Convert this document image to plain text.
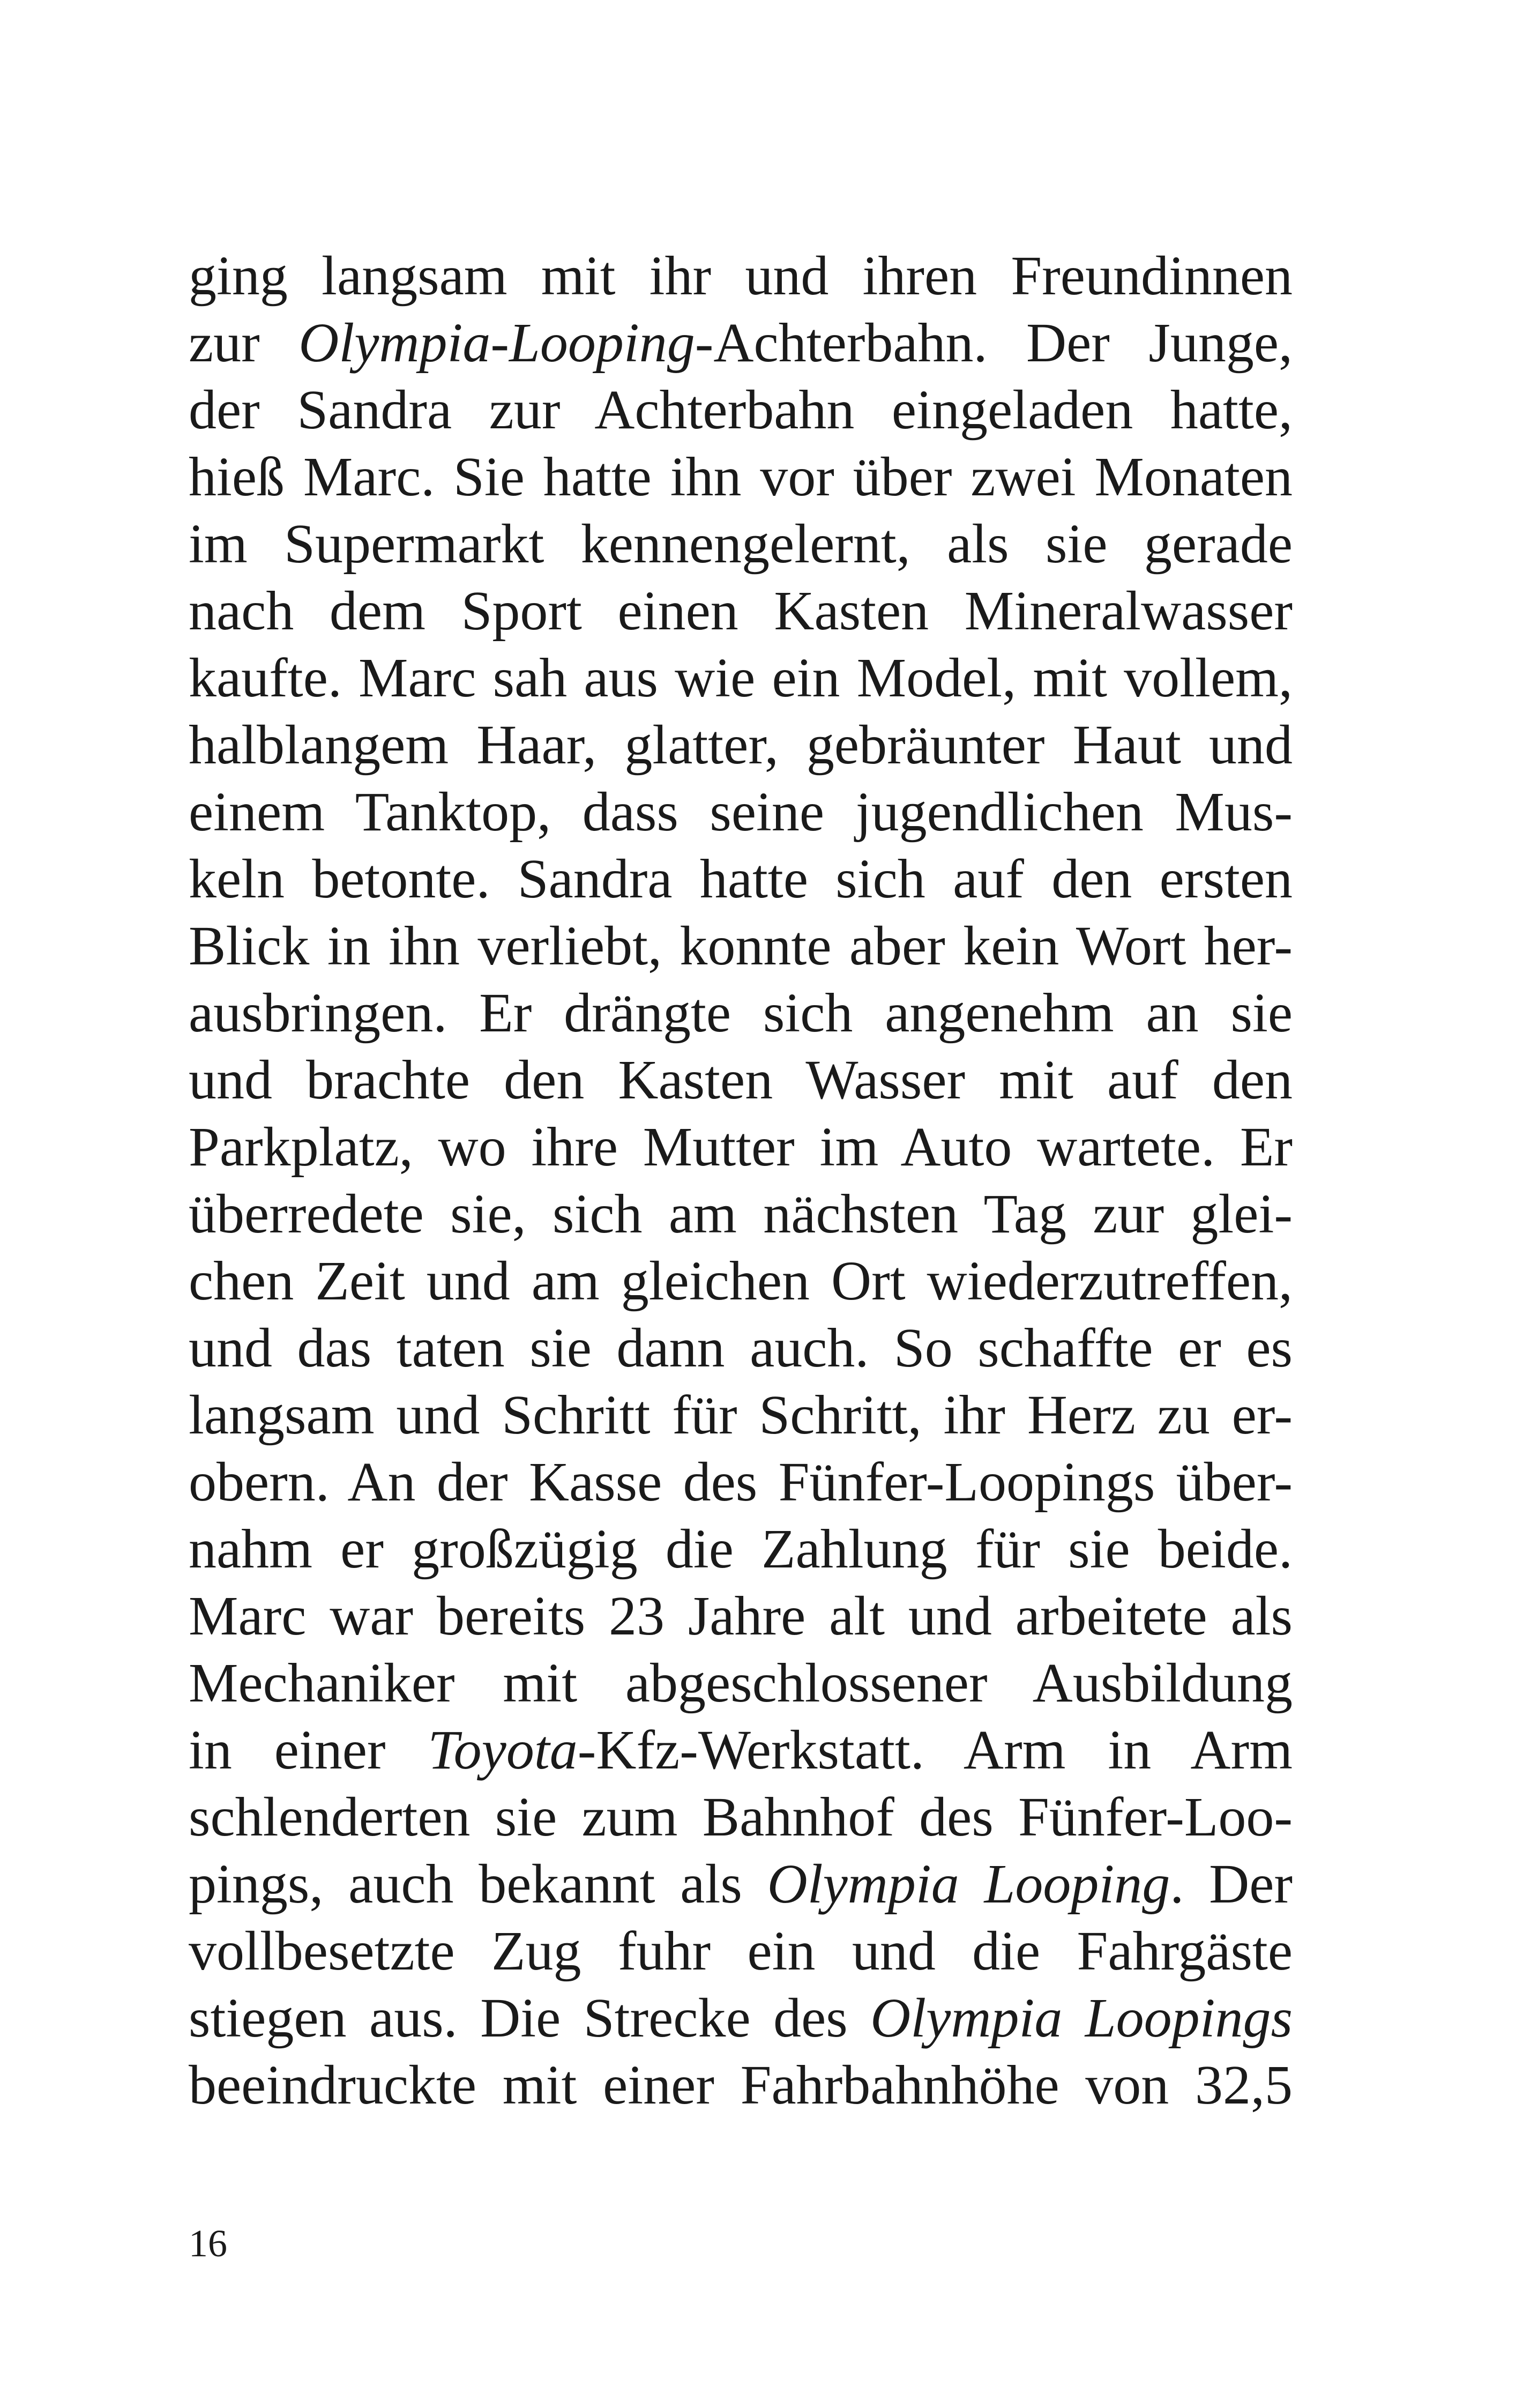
ging langsam mit ihr und ihren Freundinnen
zur Olympia-Looping-Achterbahn. Der Junge,
der Sandra zur Achterbahn eingeladen hatte,
hieß Marc. Sie hatte ihn vor über zwei Monaten
im Supermarkt kennengelernt, als sie gerade
nach dem Sport einen Kasten Mineralwasser
kaufte. Marc sah aus wie ein Model, mit vollem,
halblangem Haar, glatter, gebräunter Haut und
einem Tanktop, dass seine jugendlichen Mus-
keln betonte. Sandra hatte sich auf den ersten
Blick in ihn verliebt, konnte aber kein Wort her-
ausbringen. Er drängte sich angenehm an sie
und brachte den Kasten Wasser mit auf den
Parkplatz, wo ihre Mutter im Auto wartete. Er
überredete sie, sich am nächsten Tag zur glei-
chen Zeit und am gleichen Ort wiederzutreffen,
und das taten sie dann auch. So schaffte er es
langsam und Schritt für Schritt, ihr Herz zu er-
obern. An der Kasse des Fünfer-Loopings über-
nahm er großzügig die Zahlung für sie beide.
Marc war bereits 23 Jahre alt und arbeitete als
Mechaniker mit abgeschlossener Ausbildung
in einer Toyota-Kfz-Werkstatt. Arm in Arm
schlenderten sie zum Bahnhof des Fünfer-Loo-
pings, auch bekannt als Olympia Looping. Der
vollbesetzte Zug fuhr ein und die Fahrgäste
stiegen aus. Die Strecke des Olympia Loopings
beeindruckte mit einer Fahrbahnhöhe von 32,5
16
